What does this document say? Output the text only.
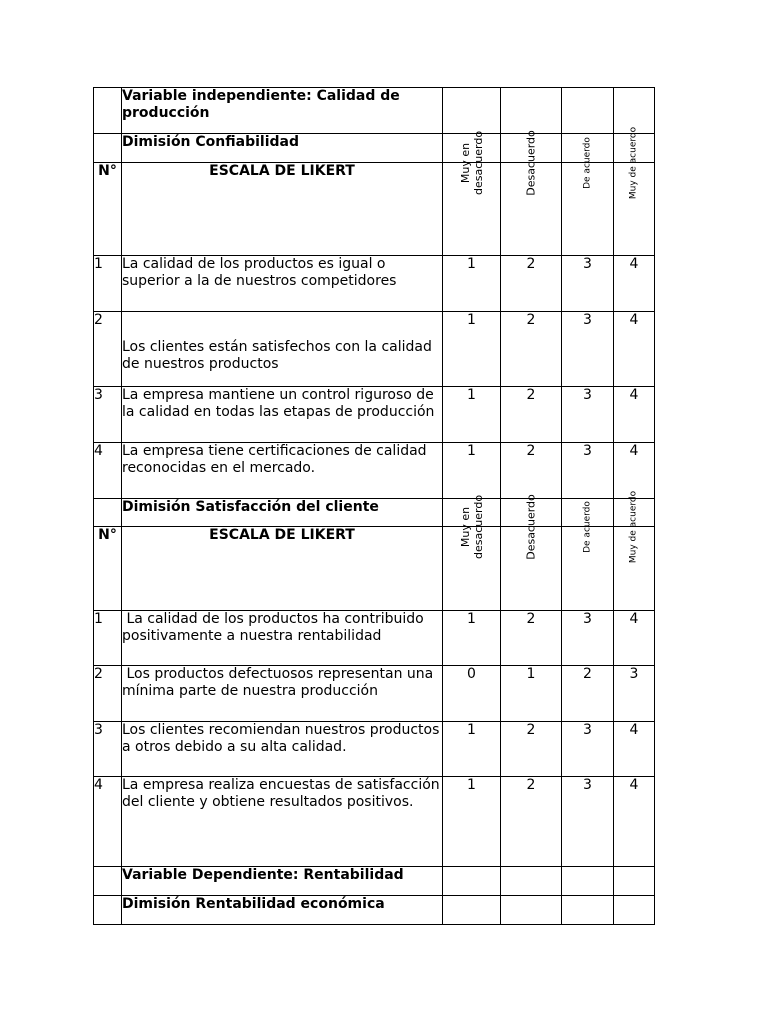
	Variable independiente: Calidad de producción				
	Dimisión Confiabilidad				
N°	ESCALA DE LIKERT	Muy en desacuerdo	Desacuerdo	De acuerdo	Muy de acuerdo

1	La calidad de los productos es igual o superior a la de nuestros competidores	1	2	3	4
2	Los clientes están satisfechos con la calidad de nuestros productos	1	2	3	4
3	La empresa mantiene un control riguroso de la calidad en todas las etapas de producción	1	2	3	4
4	La empresa tiene certificaciones de calidad reconocidas en el mercado.	1	2	3	4
	Dimisión Satisfacción del cliente				
N°	ESCALA DE LIKERT	Muy en desacuerdo	Desacuerdo	De acuerdo	Muy de acuerdo

1	La calidad de los productos ha contribuido positivamente a nuestra rentabilidad	1	2	3	4
2	Los productos defectuosos representan una mínima parte de nuestra producción	0	1	2	3
3	Los clientes recomiendan nuestros productos a otros debido a su alta calidad.	1	2	3	4
4	La empresa realiza encuestas de satisfacción del cliente y obtiene resultados positivos.	1	2	3	4
	Variable Dependiente: Rentabilidad				
	Dimisión Rentabilidad económica				
